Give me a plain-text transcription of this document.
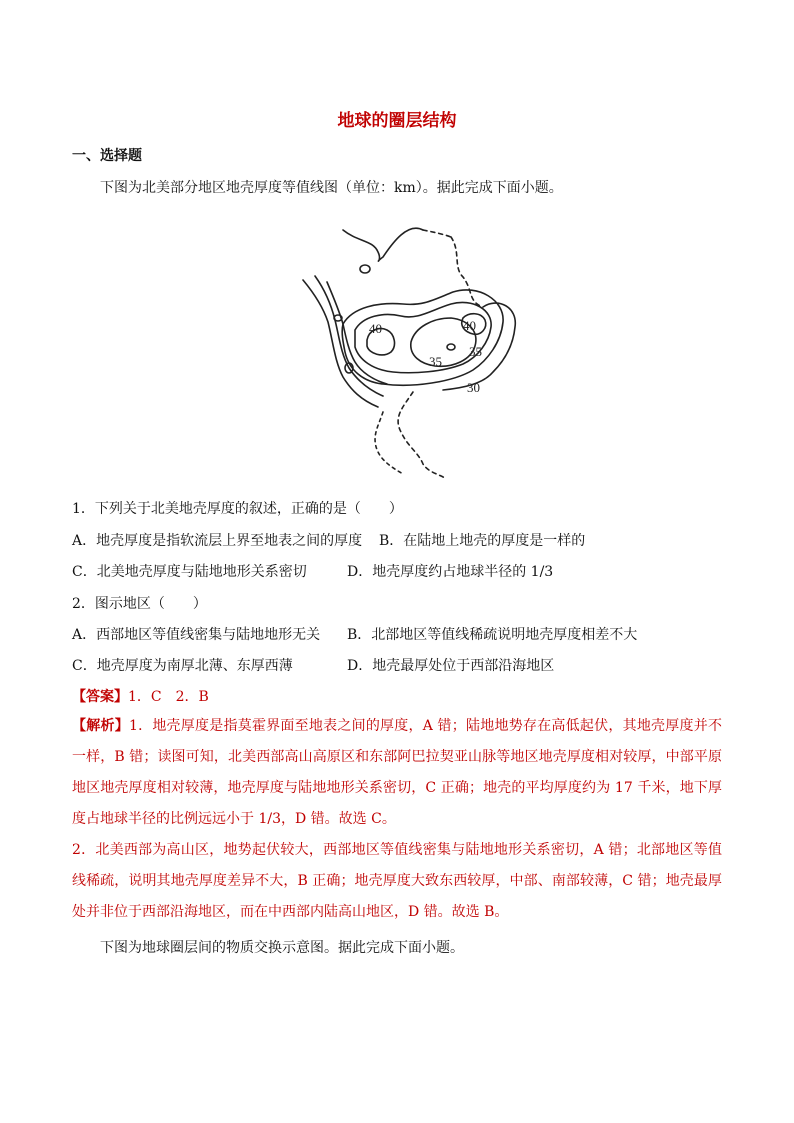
地球的圈层结构
一、选择题
下图为北美部分地区地壳厚度等值线图（单位：km）。据此完成下面小题。
40	40
35
35
30
1．下列关于北美地壳厚度的叙述，正确的是（　　）
A．地壳厚度是指软流层上界至地表之间的厚度 B．在陆地上地壳的厚度是一样的
C．北美地壳厚度与陆地地形关系密切	D．地壳厚度约占地球半径的 1/3
2．图示地区（　　）
A．西部地区等值线密集与陆地地形无关 B．北部地区等值线稀疏说明地壳厚度相差不大
C．地壳厚度为南厚北薄、东厚西薄	D．地壳最厚处位于西部沿海地区
【答案】1．C　2．B
【解析】1．地壳厚度是指莫霍界面至地表之间的厚度，A 错；陆地地势存在高低起伏，其地壳厚度并不一样，B 错；读图可知，北美西部高山高原区和东部阿巴拉契亚山脉等地区地壳厚度相对较厚，中部平原地区地壳厚度相对较薄，地壳厚度与陆地地形关系密切，C 正确；地壳的平均厚度约为 17 千米，地下厚度占地球半径的比例远远小于 1/3，D 错。故选 C。
2．北美西部为高山区，地势起伏较大，西部地区等值线密集与陆地地形关系密切，A 错；北部地区等值线稀疏，说明其地壳厚度差异不大，B 正确；地壳厚度大致东西较厚，中部、南部较薄，C 错；地壳最厚处并非位于西部沿海地区，而在中西部内陆高山地区，D 错。故选 B。
下图为地球圈层间的物质交换示意图。据此完成下面小题。
